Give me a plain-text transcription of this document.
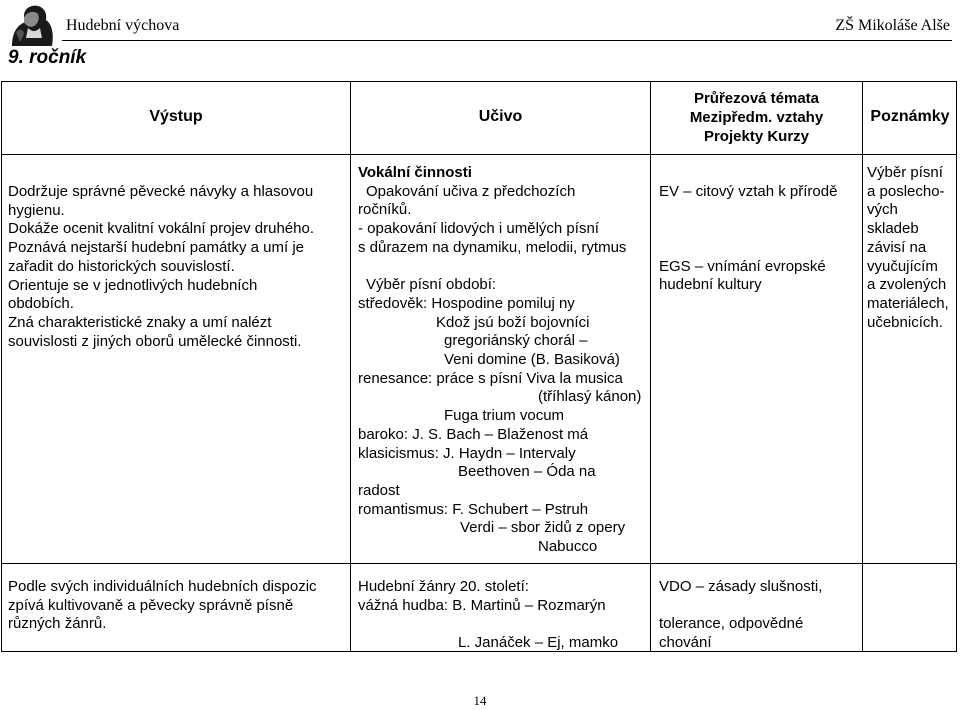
Hudební výchova	ZŠ Mikoláše Alše
9. ročník
Výstup	Učivo
Průřezová témata
Mezipředm. vztahy
Projekty Kurzy
Poznámky
Dodržuje správné pěvecké návyky a hlasovou
hygienu.
Dokáže ocenit kvalitní vokální projev druhého.
Poznává nejstarší hudební památky a umí je
zařadit do historických souvislostí.
Orientuje se v jednotlivých hudebních
obdobích.
Zná charakteristické znaky a umí nalézt
souvislosti z jiných oborů umělecké činnosti.
Vokální činnosti
Opakování učiva z předchozích
ročníků.
- opakování lidových i umělých písní
s důrazem na dynamiku, melodii, rytmus
Výběr písní období:
středověk: Hospodine pomiluj ny
Kdož jsú boží bojovníci
gregoriánský chorál –
Veni domine (B. Basiková)
renesance: práce s písní Viva la musica
(tříhlasý kánon)
Fuga trium vocum
baroko: J. S. Bach – Blaženost má
klasicismus: J. Haydn – Intervaly
Beethoven – Óda na
radost
romantismus: F. Schubert – Pstruh
Verdi – sbor židů z opery
Nabucco
EV – citový vztah k přírodě
EGS – vnímání evropské
hudební kultury
Výběr písní
a poslecho-
vých
skladeb
závisí na
vyučujícím
a zvolených
materiálech,
učebnicích.
Podle svých individuálních hudebních dispozic
zpívá kultivovaně a pěvecky správně písně
různých žánrů.
Hudební žánry 20. století:
vážná hudba: B. Martinů – Rozmarýn
L. Janáček – Ej, mamko
VDO – zásady slušnosti,
tolerance, odpovědné
chování
14
